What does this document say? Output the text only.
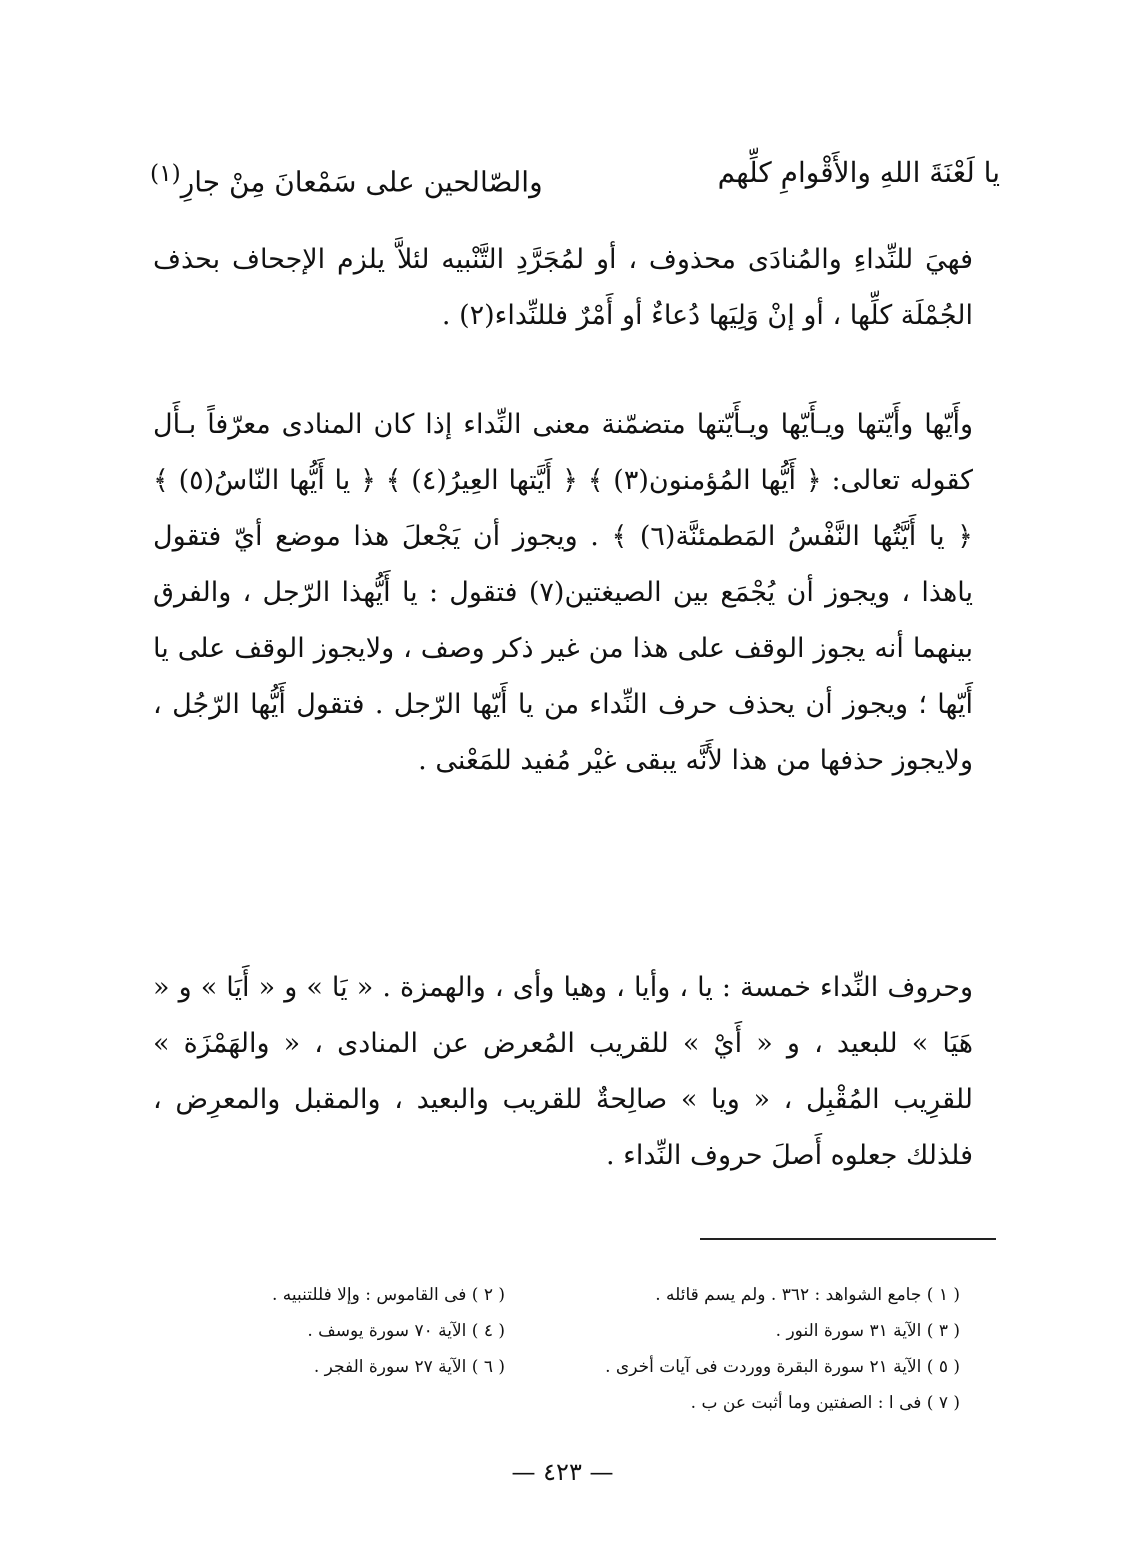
يا لَعْنَةَ اللهِ والأَقْوامِ كلِّهم
والصّالحين على سَمْعانَ مِنْ جارِ$^{(١)}$

فهيَ للنِّداءِ والمُنادَى محذوف ، أو لمُجَرَّدِ التَّنْبيه لئلاَّ يلزم الإجحاف بحذف الجُمْلَة كلِّها ، أو إنْ وَلِيَها دُعاءٌ أو أَمْرٌ فللنِّداء(٢) .

وأَيّها وأَيّتها ويـأَيّها ويـأَيّتها متضمّنة معنى النِّداء إذا كان المنادى معرّفاً بـأَل كقوله تعالى: ﴿ أَيُّها المُؤمنون(٣) ﴾ ﴿ أَيَّتها العِيرُ(٤) ﴾ ﴿ يا أَيُّها النّاسُ(٥) ﴾ ﴿ يا أَيَّتُها النَّفْسُ المَطمئنَّة(٦) ﴾ . ويجوز أن يَجْعلَ هذا موضع أيّ فتقول ياهذا ، ويجوز أن يُجْمَع بين الصيغتين(٧) فتقول : يا أَيُّهذا الرّجل ، والفرق بينهما أنه يجوز الوقف على هذا من غير ذكر وصف ، ولايجوز الوقف على يا أَيّها ؛ ويجوز أن يحذف حرف النِّداء من يا أَيّها الرّجل . فتقول أَيُّها الرّجُل ، ولايجوز حذفها من هذا لأَنَّه يبقى غيْر مُفيد للمَعْنى .

وحروف النِّداء خمسة : يا ، وأيا ، وهيا وأى ، والهمزة . « يَا » و « أَيَا » و « هَيَا » للبعيد ، و « أَيْ » للقريب المُعرض عن المنادى ، « والهَمْزَة » للقرِيب المُقْبِل ، « ويا » صالِحةٌ للقريب والبعيد ، والمقبل والمعرِض ، فلذلك جعلوه أَصلَ حروف النِّداء .

( ١ ) جامع الشواهد : ٣٦٢ . ولم يسم قائله .
( ٢ ) فى القاموس : وإلا فللتنبيه .
( ٣ ) الآية ٣١ سورة النور .
( ٤ ) الآية ٧٠ سورة يوسف .
( ٥ ) الآية ٢١ سورة البقرة ووردت فى آيات أخرى .
( ٦ ) الآية ٢٧ سورة الفجر .
( ٧ ) فى ا : الصفتين وما أثبت عن ب .
— ٤٢٣ —
